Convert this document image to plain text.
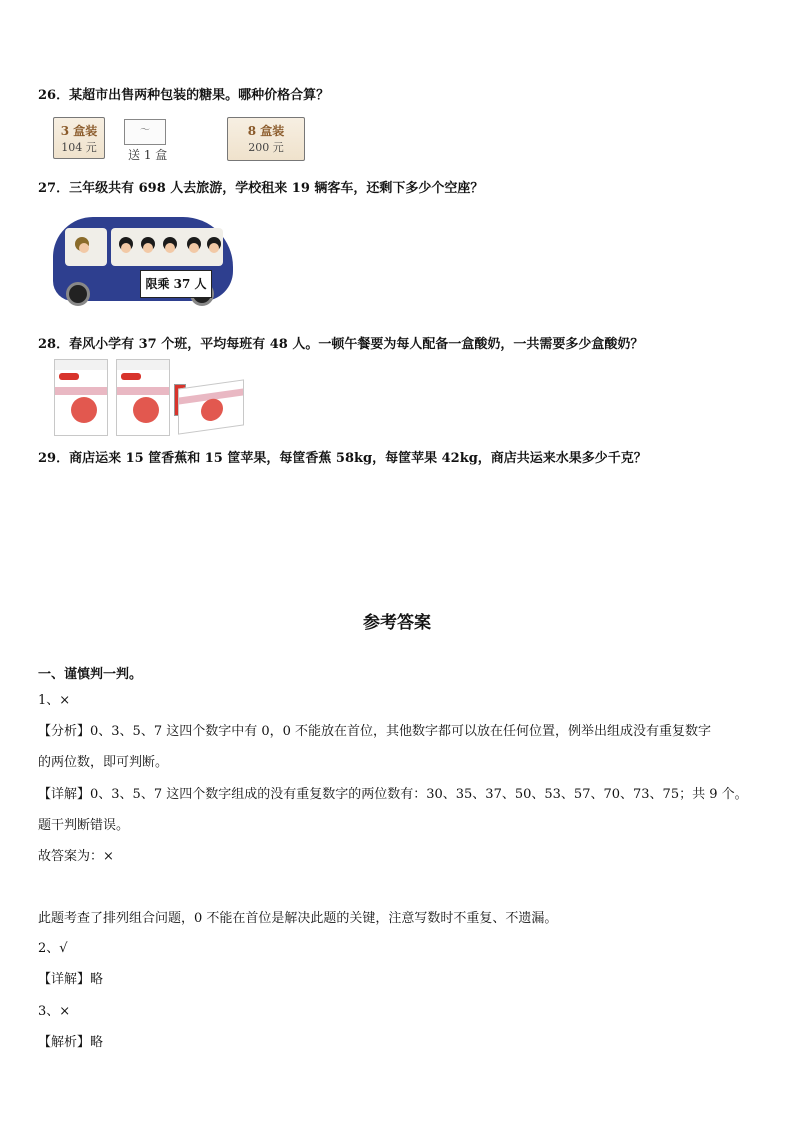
26．某超市出售两种包装的糖果。哪种价格合算？
3 盒装
104 元
～
送 1 盒
8 盒装
200 元
27．三年级共有 698 人去旅游，学校租来 19 辆客车，还剩下多少个空座？
限乘 37 人
28．春风小学有 37 个班，平均每班有 48 人。一顿午餐要为每人配备一盒酸奶，一共需要多少盒酸奶？
29．商店运来 15 筐香蕉和 15 筐苹果，每筐香蕉 58kg，每筐苹果 42kg，商店共运来水果多少千克？
参考答案
一、谨慎判一判。
1、×
【分析】0、3、5、7 这四个数字中有 0，0 不能放在首位，其他数字都可以放在任何位置，例举出组成没有重复数字
的两位数，即可判断。
【详解】0、3、5、7 这四个数字组成的没有重复数字的两位数有：30、35、37、50、53、57、70、73、75；共 9 个。
题干判断错误。
故答案为：×
此题考查了排列组合问题，0 不能在首位是解决此题的关键，注意写数时不重复、不遗漏。
2、√
【详解】略
3、×
【解析】略
